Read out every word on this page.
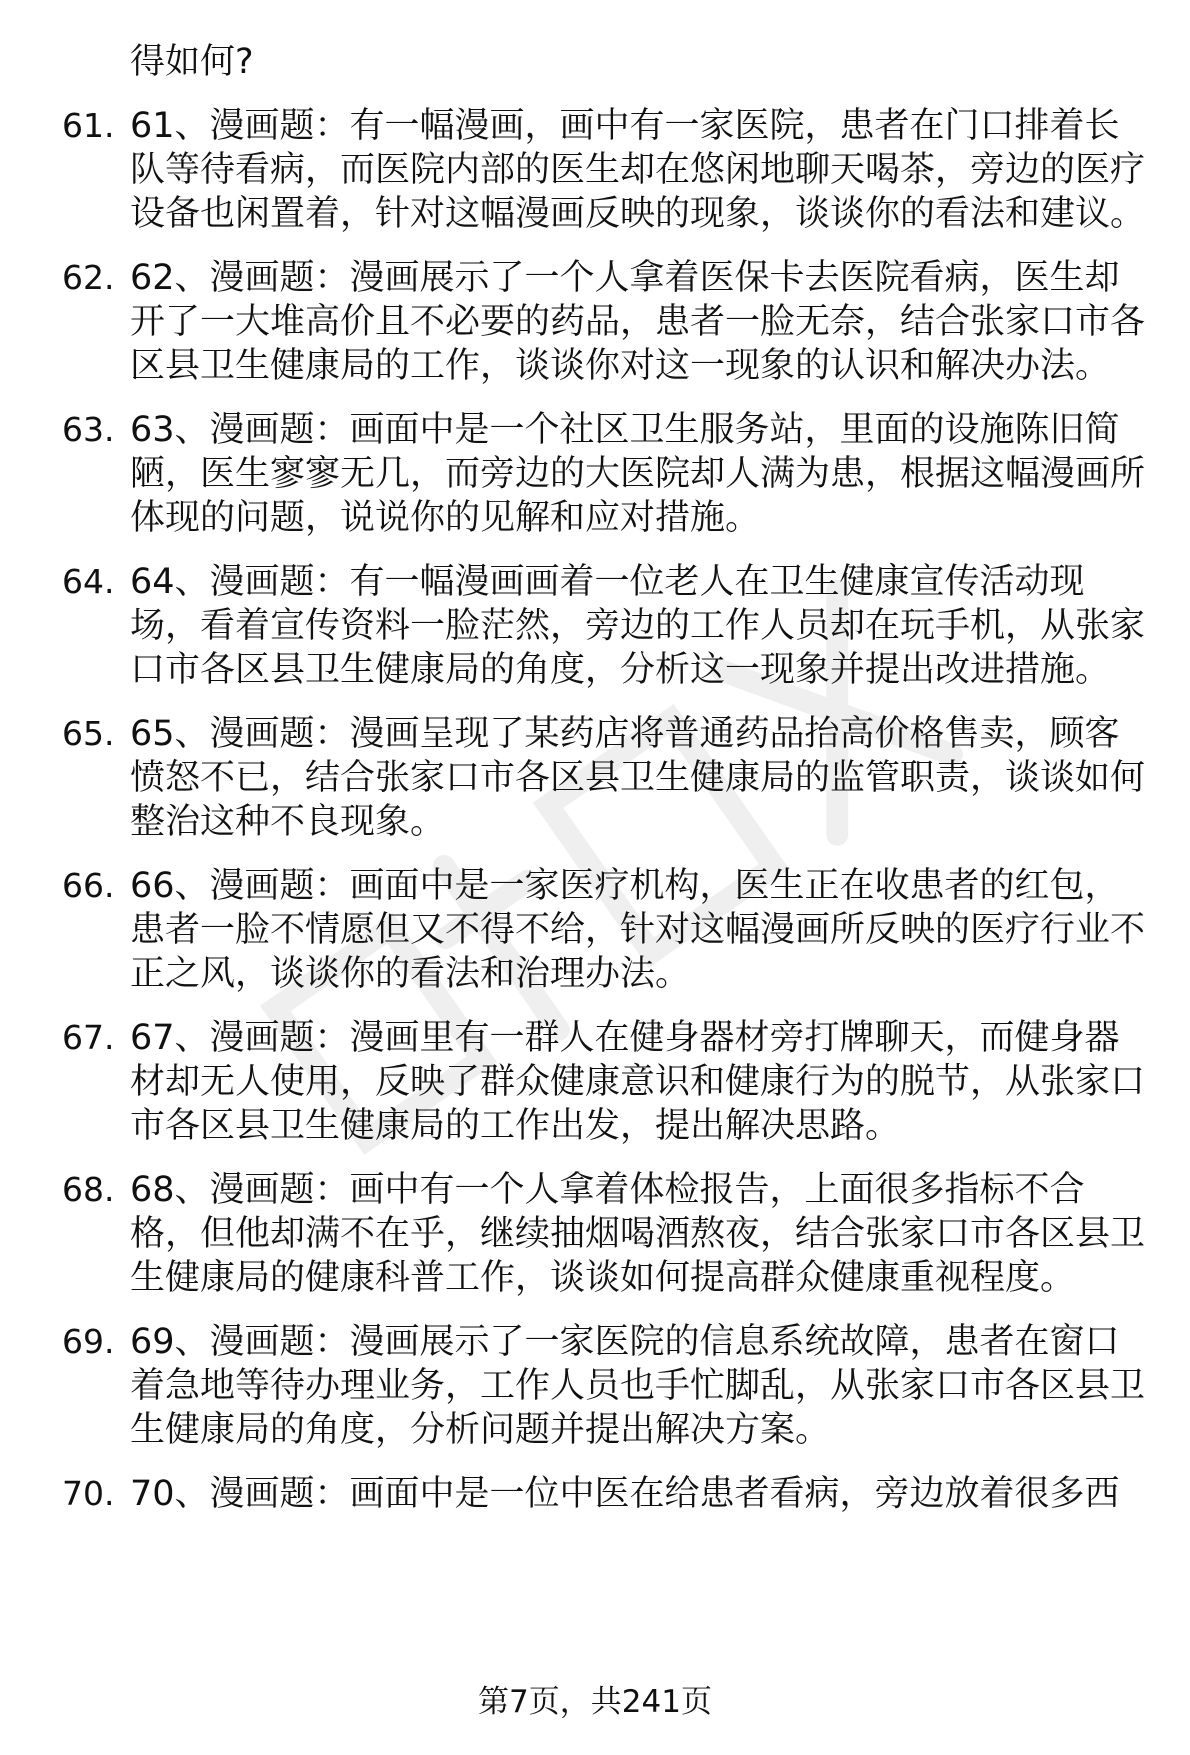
得如何?
61. 61、漫画题：有一幅漫画，画中有一家医院，患者在门口排着长队等待看病，而医院内部的医生却在悠闲地聊天喝茶，旁边的医疗设备也闲置着，针对这幅漫画反映的现象，谈谈你的看法和建议。
62. 62、漫画题：漫画展示了一个人拿着医保卡去医院看病，医生却开了一大堆高价且不必要的药品，患者一脸无奈，结合张家口市各区县卫生健康局的工作，谈谈你对这一现象的认识和解决办法。
63. 63、漫画题：画面中是一个社区卫生服务站，里面的设施陈旧简陋，医生寥寥无几，而旁边的大医院却人满为患，根据这幅漫画所体现的问题，说说你的见解和应对措施。
64. 64、漫画题：有一幅漫画画着一位老人在卫生健康宣传活动现场，看着宣传资料一脸茫然，旁边的工作人员却在玩手机，从张家口市各区县卫生健康局的角度，分析这一现象并提出改进措施。
65. 65、漫画题：漫画呈现了某药店将普通药品抬高价格售卖，顾客愤怒不已，结合张家口市各区县卫生健康局的监管职责，谈谈如何整治这种不良现象。
66. 66、漫画题：画面中是一家医疗机构，医生正在收患者的红包，患者一脸不情愿但又不得不给，针对这幅漫画所反映的医疗行业不正之风，谈谈你的看法和治理办法。
67. 67、漫画题：漫画里有一群人在健身器材旁打牌聊天，而健身器材却无人使用，反映了群众健康意识和健康行为的脱节，从张家口市各区县卫生健康局的工作出发，提出解决思路。
68. 68、漫画题：画中有一个人拿着体检报告，上面很多指标不合格，但他却满不在乎，继续抽烟喝酒熬夜，结合张家口市各区县卫生健康局的健康科普工作，谈谈如何提高群众健康重视程度。
69. 69、漫画题：漫画展示了一家医院的信息系统故障，患者在窗口着急地等待办理业务，工作人员也手忙脚乱，从张家口市各区县卫生健康局的角度，分析问题并提出解决方案。
70. 70、漫画题：画面中是一位中医在给患者看病，旁边放着很多西
第7页，共241页
